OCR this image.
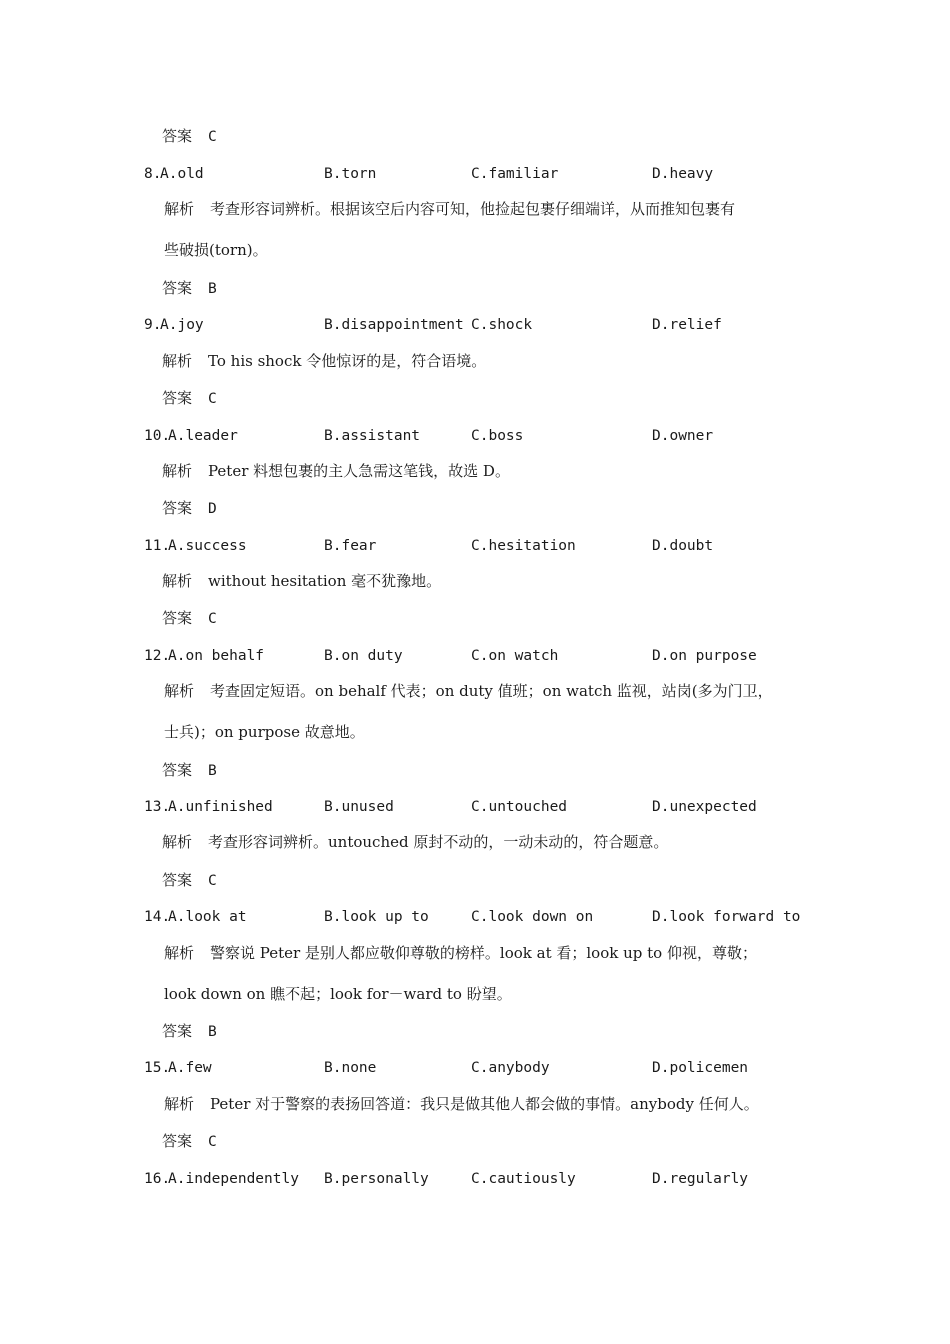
答案 C
8.
A.old	B.torn	C.familiar	D.heavy
解析 考查形容词辨析。根据该空后内容可知，他捡起包裹仔细端详，从而推知包裹有
些破损(torn)。
答案 B
9.
A.joy	B.disappointment C.shock	D.relief
解析 To his shock 令他惊讶的是，符合语境。
答案 C
10.
A.leader	B.assistant	C.boss	D.owner
解析 Peter 料想包裹的主人急需这笔钱，故选 D。
答案 D
11.
A.success	B.fear	C.hesitation	D.doubt
解析 without hesitation 毫不犹豫地。
答案 C
12.
A.on behalf	B.on duty	C.on watch	D.on purpose
解析 考查固定短语。on behalf 代表；on duty 值班；on watch 监视，站岗(多为门卫，
士兵)；on purpose 故意地。
答案 B
13.
A.unfinished	B.unused	C.untouched	D.unexpected
解析 考查形容词辨析。untouched 原封不动的，一动未动的，符合题意。
答案 C
14.
A.look at	B.look up to	C.look down on	D.look forward to
解析 警察说 Peter 是别人都应敬仰尊敬的榜样。look at 看；look up to 仰视，尊敬；
look down on 瞧不起；look for－ward to 盼望。
答案 B
15.
A.few	B.none	C.anybody	D.policemen
解析 Peter 对于警察的表扬回答道：我只是做其他人都会做的事情。anybody 任何人。
答案 C
16.
A.independently B.personally	C.cautiously	D.regularly
